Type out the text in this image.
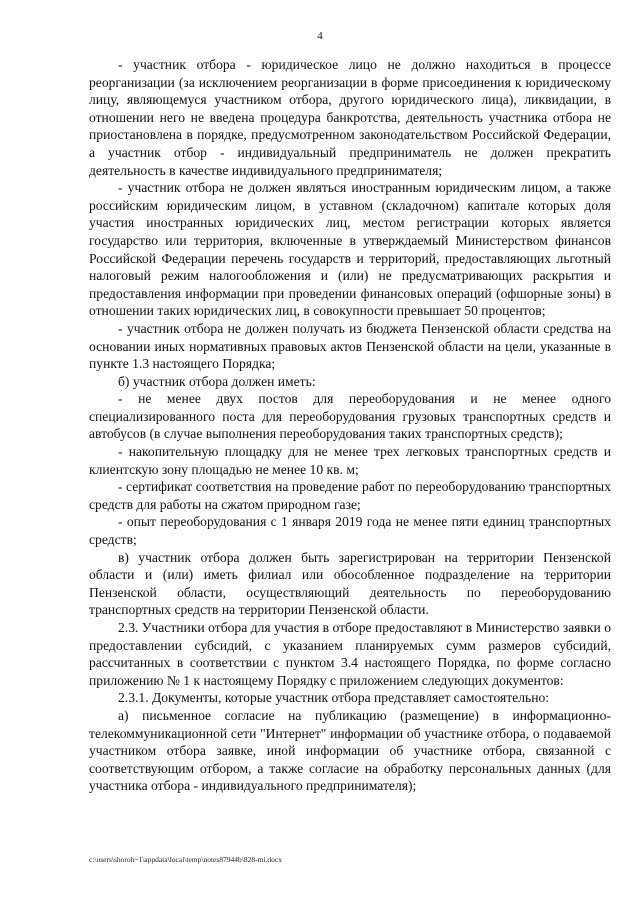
4

- участник отбора - юридическое лицо не должно находиться в процессе реорганизации (за исключением реорганизации в форме присоединения к юридическому лицу, являющемуся участником отбора, другого юридического лица), ликвидации, в отношении него не введена процедура банкротства, деятельность участника отбора не приостановлена в порядке, предусмотренном законодательством Российской Федерации, а участник отбор - индивидуальный предприниматель не должен прекратить деятельность в качестве индивидуального предпринимателя;

- участник отбора не должен являться иностранным юридическим лицом, а также российским юридическим лицом, в уставном (складочном) капитале которых доля участия иностранных юридических лиц, местом регистрации которых является государство или территория, включенные в утверждаемый Министерством финансов Российской Федерации перечень государств и территорий, предоставляющих льготный налоговый режим налогообложения и (или) не предусматривающих раскрытия и предоставления информации при проведении финансовых операций (офшорные зоны) в отношении таких юридических лиц, в совокупности превышает 50 процентов;

- участник отбора не должен получать из бюджета Пензенской области средства на основании иных нормативных правовых актов Пензенской области на цели, указанные в пункте 1.3 настоящего Порядка;

б) участник отбора должен иметь:

- не менее двух постов для переоборудования и не менее одного специализированного поста для переоборудования грузовых транспортных средств и автобусов (в случае выполнения переоборудования таких транспортных средств);

- накопительную площадку для не менее трех легковых транспортных средств и клиентскую зону площадью не менее 10 кв. м;

- сертификат соответствия на проведение работ по переоборудованию транспортных средств для работы на сжатом природном газе;

- опыт переоборудования с 1 января 2019 года не менее пяти единиц транспортных средств;

в) участник отбора должен быть зарегистрирован на территории Пензенской области и (или) иметь филиал или обособленное подразделение на территории Пензенской области, осуществляющий деятельность по переоборудованию транспортных средств на территории Пензенской области.

2.3. Участники отбора для участия в отборе предоставляют в Министерство заявки о предоставлении субсидий, с указанием планируемых сумм размеров субсидий, рассчитанных в соответствии с пунктом 3.4 настоящего Порядка, по форме согласно приложению № 1 к настоящему Порядку с приложением следующих документов:

2.3.1. Документы, которые участник отбора представляет самостоятельно:

а) письменное согласие на публикацию (размещение) в информационно-телекоммуникационной сети "Интернет" информации об участнике отбора, о подаваемой участником отбора заявке, иной информации об участнике отбора, связанной с соответствующим отбором, а также согласие на обработку персональных данных (для участника отбора - индивидуального предпринимателя);

c:\users\shoroh~1\appdata\local\temp\notes87944b\828-mi.docx
